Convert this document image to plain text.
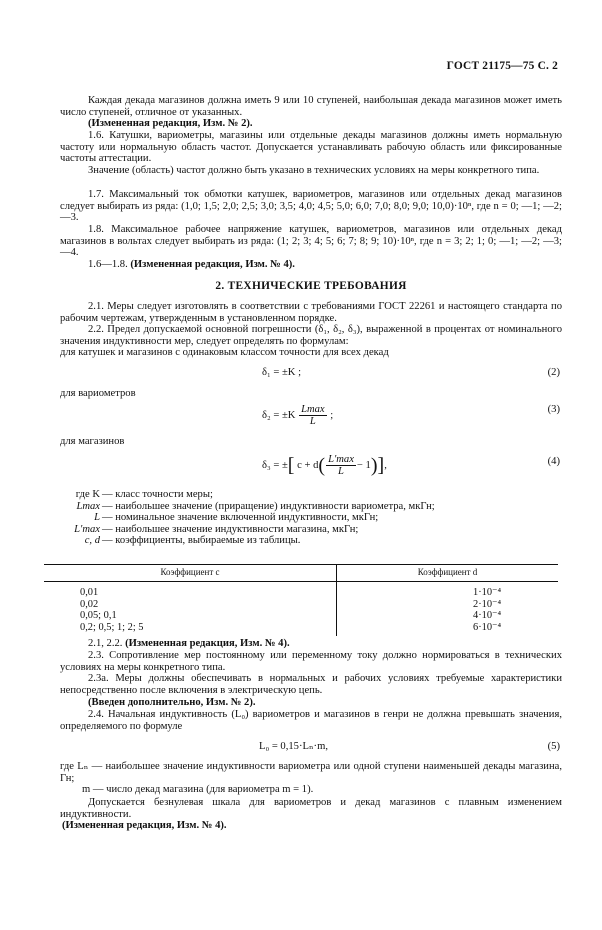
ГОСТ 21175—75 С. 2
Каждая декада магазинов должна иметь 9 или 10 ступеней, наибольшая декада магазинов может иметь число ступеней, отличное от указанных.
(Измененная редакция, Изм. № 2).
1.6. Катушки, вариометры, магазины или отдельные декады магазинов должны иметь нормальную частоту или нормальную область частот. Допускается устанавливать рабочую область или фиксированные частоты аттестации.
Значение (область) частот должно быть указано в технических условиях на меры конкретного типа.
1.7. Максимальный ток обмотки катушек, вариометров, магазинов или отдельных декад магазинов следует выбирать из ряда: (1,0; 1,5; 2,0; 2,5; 3,0; 3,5; 4,0; 4,5; 5,0; 6,0; 7,0; 8,0; 9,0; 10,0)·10ⁿ, где n = 0; —1; —2; —3.
1.8. Максимальное рабочее напряжение катушек, вариометров, магазинов или отдельных декад магазинов в вольтах следует выбирать из ряда: (1; 2; 3; 4; 5; 6; 7; 8; 9; 10)·10ⁿ, где n = 3; 2; 1; 0; —1; —2; —3; —4.
1.6—1.8. (Измененная редакция, Изм. № 4).
2. ТЕХНИЧЕСКИЕ ТРЕБОВАНИЯ
2.1. Меры следует изготовлять в соответствии с требованиями ГОСТ 22261 и настоящего стандарта по рабочим чертежам, утвержденным в установленном порядке.
2.2. Предел допускаемой основной погрешности (δ₁, δ₂, δ₃), выраженной в процентах от номинального значения индуктивности мер, следует определять по формулам:
для катушек и магазинов с одинаковым классом точности для всех декад
δ₁ = ±K ;	(2)
для вариометров
$\delta_2 = \pm K \frac{Lmax}{L}$ ;
(3)
для магазинов
δ₃ = ±[ $c + d( \frac{L'\max}{L} - 1)$],	(4)
где K — класс точности меры;
Lmax — наибольшее значение (приращение) индуктивности вариометра, мкГн;
L — номинальное значение включенной индуктивности, мкГн;
L′max — наибольшее значение индуктивности магазина, мкГн;
c, d — коэффициенты, выбираемые из таблицы.
Коэффициент c	Коэффициент d
0,01	1·10⁻⁴
0,02	2·10⁻⁴
0,05; 0,1	4·10⁻⁴
0,2; 0,5; 1; 2; 5	6·10⁻⁴
2.1, 2.2. (Измененная редакция, Изм. № 4).
2.3. Сопротивление мер постоянному или переменному току должно нормироваться в технических условиях на меры конкретного типа.
2.3а. Меры должны обеспечивать в нормальных и рабочих условиях требуемые характеристики непосредственно после включения в электрическую цепь.
(Введен дополнительно, Изм. № 2).
2.4. Начальная индуктивность (L₀) вариометров и магазинов в генри не должна превышать значения, определяемого по формуле
L₀ = 0,15·Lₙ·m,	(5)
где Lₙ — наибольшее значение индуктивности вариометра или одной ступени наименьшей декады магазина, Гн;
m — число декад магазина (для вариометра m = 1).
Допускается безнулевая шкала для вариометров и декад магазинов с плавным изменением индуктивности.
(Измененная редакция, Изм. № 4).
